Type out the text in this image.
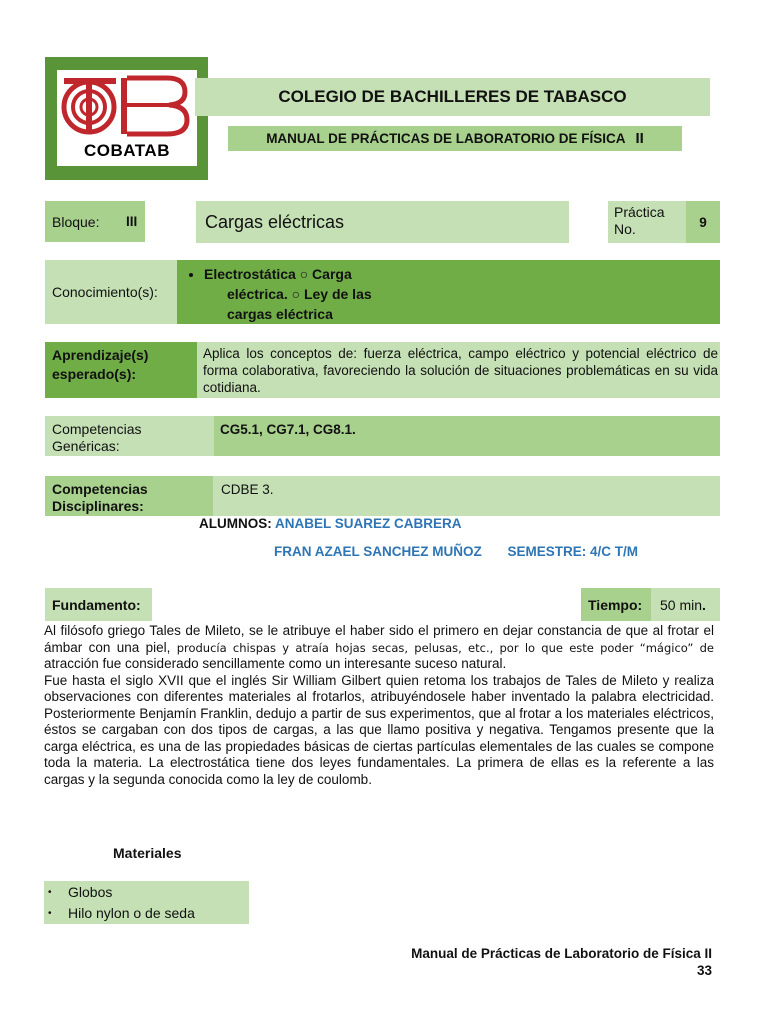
COBATAB
COLEGIO DE BACHILLERES DE TABASCO
MANUAL DE PRÁCTICAS DE LABORATORIO DE FÍSICA II
Bloque:	III	Cargas eléctricas	Práctica
No.	9
Conocimiento(s):
• Electrostática ○ Carga
eléctrica. ○ Ley de las
cargas eléctrica
Aprendizaje(s)
esperado(s):
Aplica los conceptos de: fuerza eléctrica, campo eléctrico y potencial eléctrico de forma colaborativa, favoreciendo la solución de situaciones problemáticas en su vida cotidiana.
Competencias
Genéricas:
CG5.1, CG7.1, CG8.1.
Competencias
Disciplinares:
CDBE 3.
ALUMNOS: ANABEL SUAREZ CABRERA
FRAN AZAEL SANCHEZ MUÑOZ SEMESTRE: 4/C T/M
Fundamento:	Tiempo:	50 min .
Al filósofo griego Tales de Mileto, se le atribuye el haber sido el primero en dejar constancia de que al frotar el ámbar con una piel, producía chispas y atraía hojas secas, pelusas, etc., por lo que este poder “mágico” de atracción fue considerado sencillamente como un interesante suceso natural.
Fue hasta el siglo XVII que el inglés Sir William Gilbert quien retoma los trabajos de Tales de Mileto y realiza observaciones con diferentes materiales al frotarlos, atribuyéndosele haber inventado la palabra electricidad. Posteriormente Benjamín Franklin, dedujo a partir de sus experimentos, que al frotar a los materiales eléctricos, éstos se cargaban con dos tipos de cargas, a las que llamo positiva y negativa. Tengamos presente que la carga eléctrica, es una de las propiedades básicas de ciertas partículas elementales de las cuales se compone toda la materia. La electrostática tiene dos leyes fundamentales. La primera de ellas es la referente a las cargas y la segunda conocida como la ley de coulomb.
Materiales
• Globos
• Hilo nylon o de seda
Manual de Prácticas de Laboratorio de Física II
33
